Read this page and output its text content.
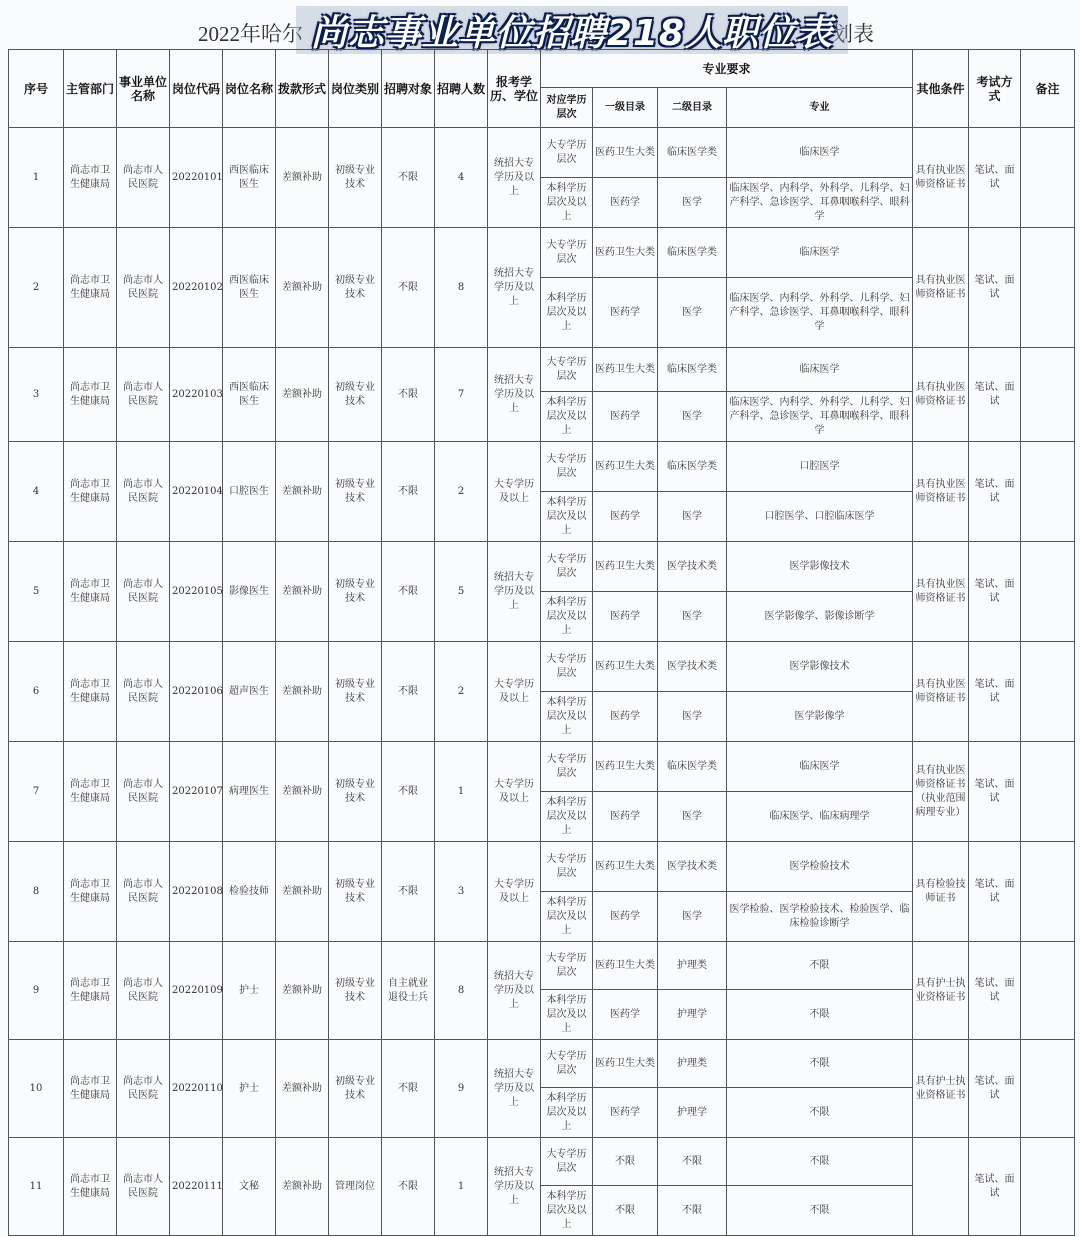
2022年哈尔	划表
尚志事业单位招聘218人职位表
序号	主管部门	事业单位名称	岗位代码	岗位名称	拨款形式	岗位类别	招聘对象	招聘人数	报考学历、学位	专业要求				其他条件	考试方式	备注
										对应学历层次	一级目录	二级目录	专业			
1	尚志市卫生健康局	尚志市人民医院	20220101	西医临床医生	差额补助	初级专业技术	不限	4	统招大专学历及以上	大专学历层次	医药卫生大类	临床医学类	临床医学	具有执业医师资格证书	笔试、面试	
										本科学历层次及以上	医药学	医学	临床医学、内科学、外科学、儿科学、妇产科学、急诊医学、耳鼻咽喉科学、眼科学			
2	尚志市卫生健康局	尚志市人民医院	20220102	西医临床医生	差额补助	初级专业技术	不限	8	统招大专学历及以上	大专学历层次	医药卫生大类	临床医学类	临床医学	具有执业医师资格证书	笔试、面试	
										本科学历层次及以上	医药学	医学	临床医学、内科学、外科学、儿科学、妇产科学、急诊医学、耳鼻咽喉科学、眼科学			
3	尚志市卫生健康局	尚志市人民医院	20220103	西医临床医生	差额补助	初级专业技术	不限	7	统招大专学历及以上	大专学历层次	医药卫生大类	临床医学类	临床医学	具有执业医师资格证书	笔试、面试	
										本科学历层次及以上	医药学	医学	临床医学、内科学、外科学、儿科学、妇产科学、急诊医学、耳鼻咽喉科学、眼科学			
4	尚志市卫生健康局	尚志市人民医院	20220104	口腔医生	差额补助	初级专业技术	不限	2	大专学历及以上	大专学历层次	医药卫生大类	临床医学类	口腔医学	具有执业医师资格证书	笔试、面试	
										本科学历层次及以上	医药学	医学	口腔医学、口腔临床医学			
5	尚志市卫生健康局	尚志市人民医院	20220105	影像医生	差额补助	初级专业技术	不限	5	统招大专学历及以上	大专学历层次	医药卫生大类	医学技术类	医学影像技术	具有执业医师资格证书	笔试、面试	
										本科学历层次及以上	医药学	医学	医学影像学、影像诊断学			
6	尚志市卫生健康局	尚志市人民医院	20220106	超声医生	差额补助	初级专业技术	不限	2	大专学历及以上	大专学历层次	医药卫生大类	医学技术类	医学影像技术	具有执业医师资格证书	笔试、面试	
										本科学历层次及以上	医药学	医学	医学影像学			
7	尚志市卫生健康局	尚志市人民医院	20220107	病理医生	差额补助	初级专业技术	不限	1	大专学历及以上	大专学历层次	医药卫生大类	临床医学类	临床医学	具有执业医师资格证书（执业范围病理专业）	笔试、面试	
										本科学历层次及以上	医药学	医学	临床医学、临床病理学			
8	尚志市卫生健康局	尚志市人民医院	20220108	检验技师	差额补助	初级专业技术	不限	3	大专学历及以上	大专学历层次	医药卫生大类	医学技术类	医学检验技术	具有检验技师证书	笔试、面试	
										本科学历层次及以上	医药学	医学	医学检验、医学检验技术、检验医学、临床检验诊断学			
9	尚志市卫生健康局	尚志市人民医院	20220109	护士	差额补助	初级专业技术	自主就业退役士兵	8	统招大专学历及以上	大专学历层次	医药卫生大类	护理类	不限	具有护士执业资格证书	笔试、面试	
										本科学历层次及以上	医药学	护理学	不限			
10	尚志市卫生健康局	尚志市人民医院	20220110	护士	差额补助	初级专业技术	不限	9	统招大专学历及以上	大专学历层次	医药卫生大类	护理类	不限	具有护士执业资格证书	笔试、面试	
										本科学历层次及以上	医药学	护理学	不限			
11	尚志市卫生健康局	尚志市人民医院	20220111	文秘	差额补助	管理岗位	不限	1	统招大专学历及以上	大专学历层次	不限	不限	不限		笔试、面试	
										本科学历层次及以上	不限	不限	不限			
